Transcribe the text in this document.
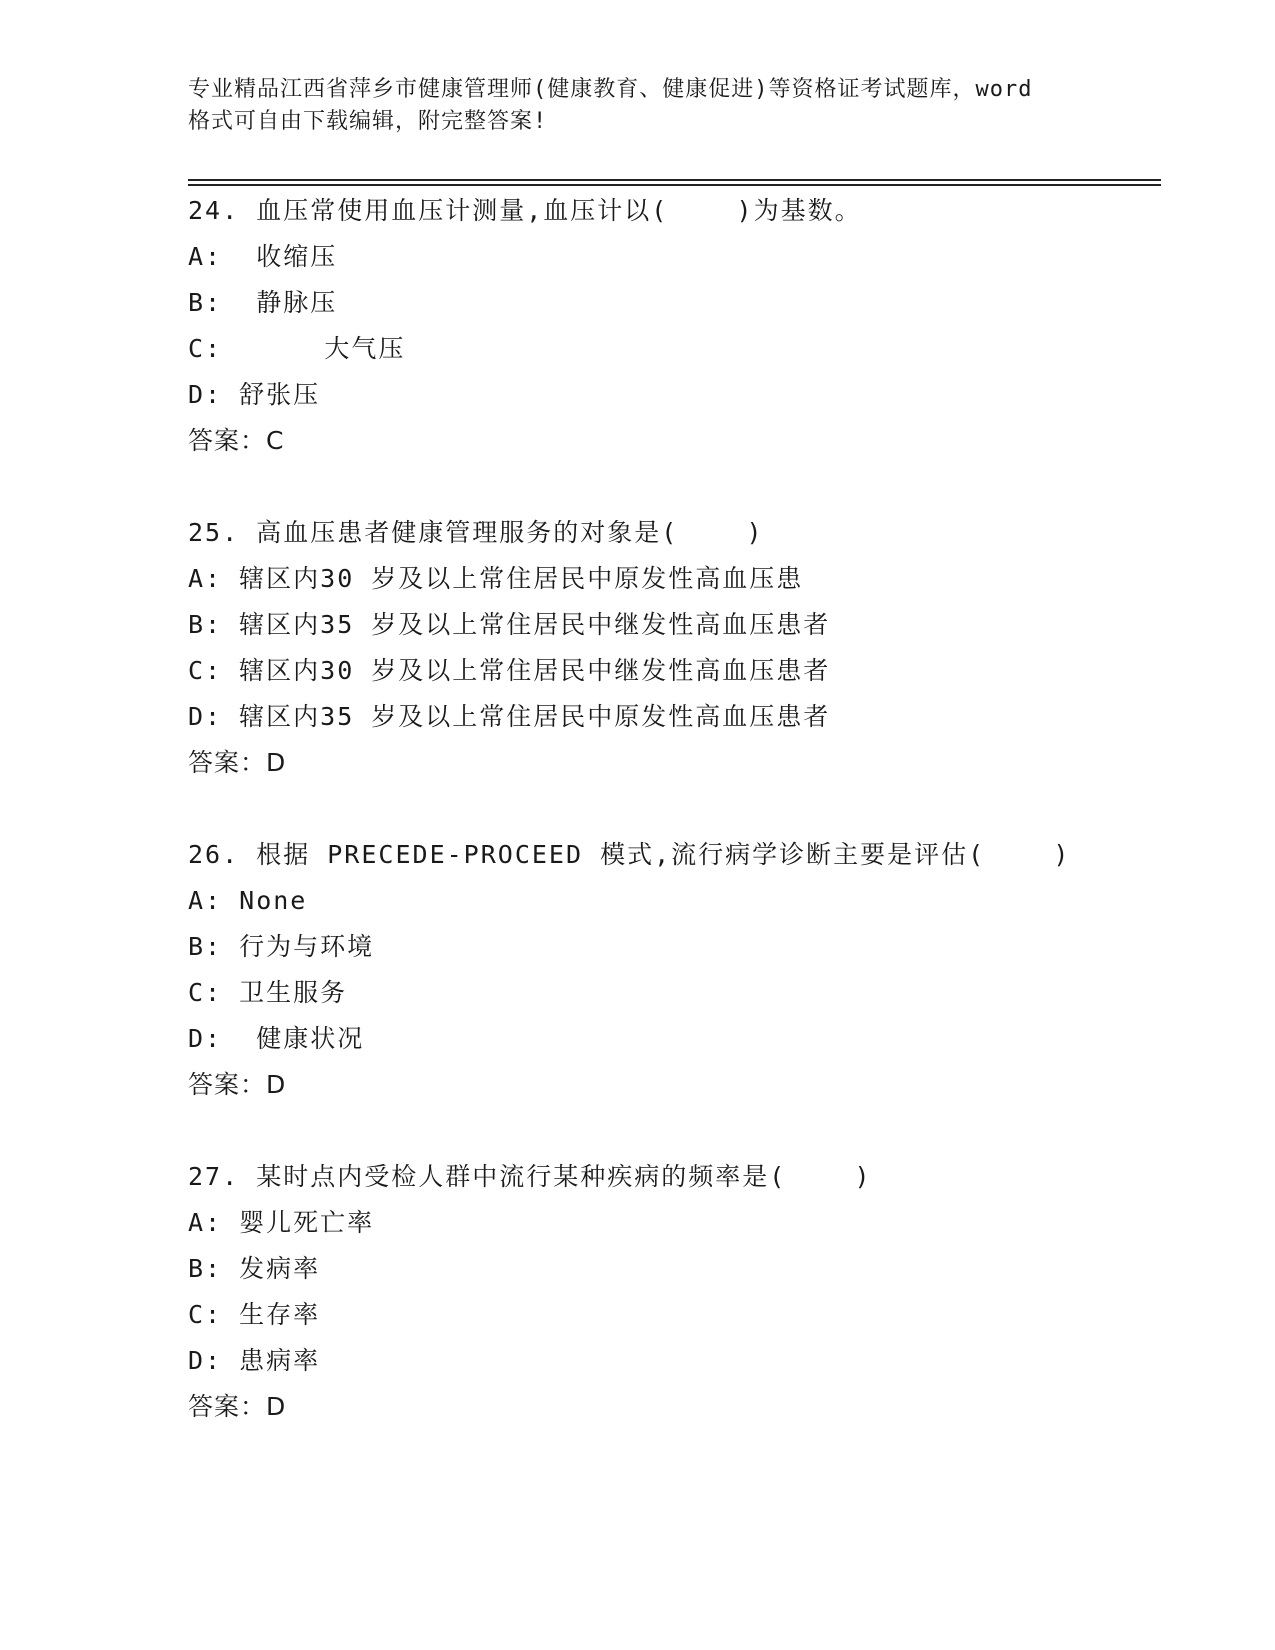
专业精品江西省萍乡市健康管理师(健康教育、健康促进)等资格证考试题库，word
格式可自由下载编辑，附完整答案!
24. 血压常使用血压计测量,血压计以(    )为基数。
A:  收缩压
B:  静脉压
C:      大气压
D: 舒张压
答案：C
25. 高血压患者健康管理服务的对象是(    )
A: 辖区内30 岁及以上常住居民中原发性高血压患
B: 辖区内35 岁及以上常住居民中继发性高血压患者
C: 辖区内30 岁及以上常住居民中继发性高血压患者
D: 辖区内35 岁及以上常住居民中原发性高血压患者
答案：D
26. 根据 PRECEDE-PROCEED 模式,流行病学诊断主要是评估(    )
A: None
B: 行为与环境
C: 卫生服务
D:  健康状况
答案：D
27. 某时点内受检人群中流行某种疾病的频率是(    )
A: 婴儿死亡率
B: 发病率
C: 生存率
D: 患病率
答案：D
